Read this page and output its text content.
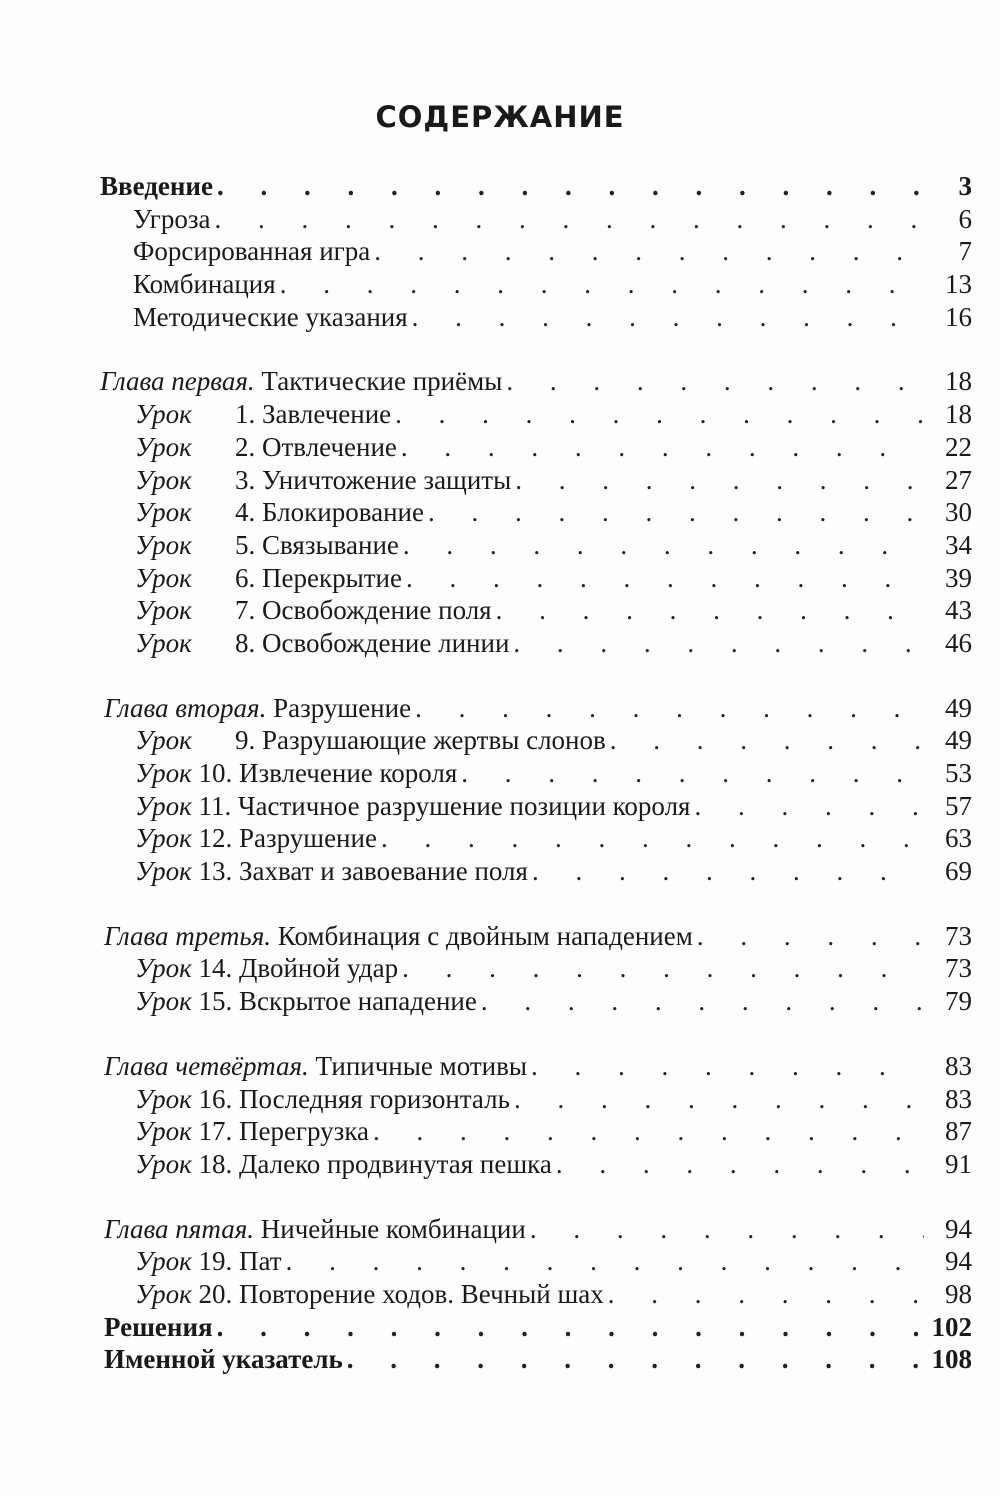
СОДЕРЖАНИЕ
Введение . . .	3
Угроза . . .	6
Форсированная игра . . .	7
Комбинация . . .	13
Методические указания . . .	16
Глава первая. Тактические приёмы . . .	18
Урок 1. Завлечение . . .	18
Урок 2. Отвлечение . . .	22
Урок 3. Уничтожение защиты . . .	27
Урок 4. Блокирование . . .	30
Урок 5. Связывание . . .	34
Урок 6. Перекрытие . . .	39
Урок 7. Освобождение поля . . .	43
Урок 8. Освобождение линии . . .	46
Глава вторая. Разрушение . . .	49
Урок 9. Разрушающие жертвы слонов . . .	49
Урок 10. Извлечение короля . . .	53
Урок 11. Частичное разрушение позиции короля . . .	57
Урок 12. Разрушение . . .	63
Урок 13. Захват и завоевание поля . . .	69
Глава третья. Комбинация с двойным нападением . . .	73
Урок 14. Двойной удар . . .	73
Урок 15. Вскрытое нападение . . .	79
Глава четвёртая. Типичные мотивы . . .	83
Урок 16. Последняя горизонталь . . .	83
Урок 17. Перегрузка . . .	87
Урок 18. Далеко продвинутая пешка . . .	91
Глава пятая. Ничейные комбинации . . .	94
Урок 19. Пат . . .	94
Урок 20. Повторение ходов. Вечный шах . . .	98
Решения . . .	102
Именной указатель . . .	108
